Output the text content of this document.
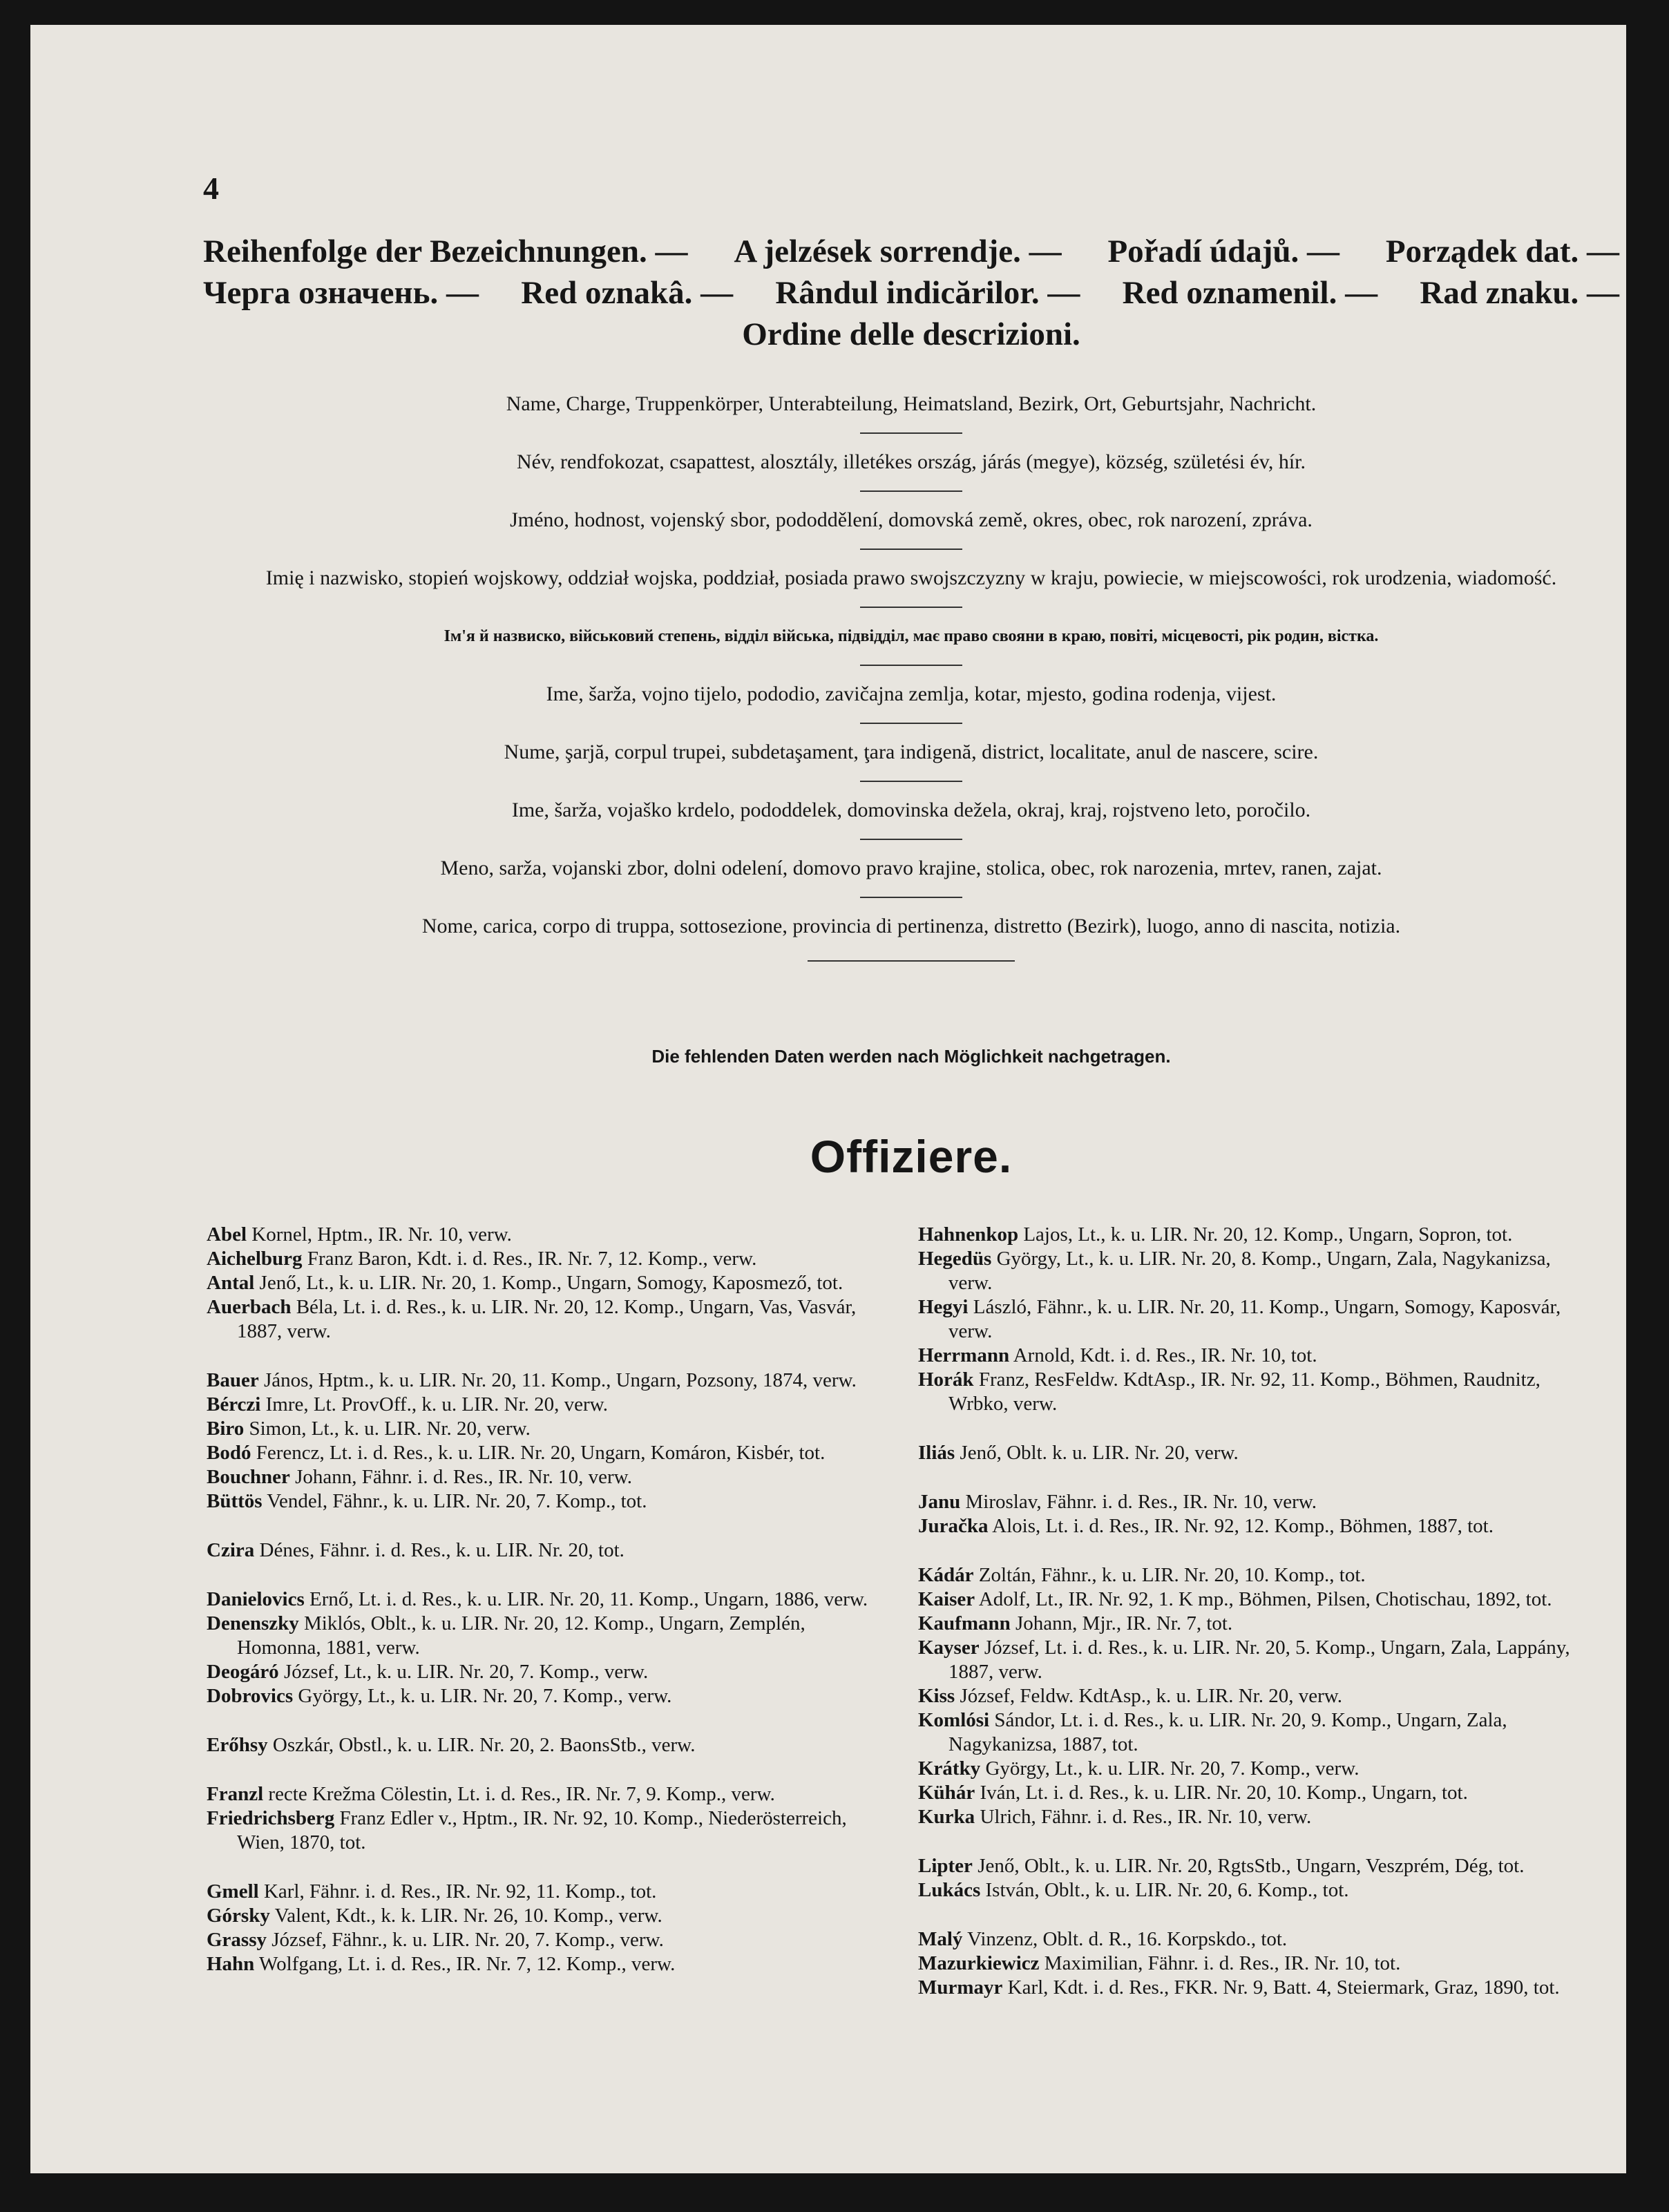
4
Reihenfolge der Bezeichnungen. — A jelzések sorrendje. — Pořadí údajů. — Porządek dat. —
Черга означень. — Red oznakâ. — Rândul indicărilor. — Red oznamenil. — Rad znaku. —
Ordine delle descrizioni.
Name, Charge, Truppenkörper, Unterabteilung, Heimatsland, Bezirk, Ort, Geburtsjahr, Nachricht.
Név, rendfokozat, csapattest, alosztály, illetékes ország, járás (megye), község, születési év, hír.
Jméno, hodnost, vojenský sbor, pododdělení, domovská země, okres, obec, rok narození, zpráva.
Imię i nazwisko, stopień wojskowy, oddział wojska, poddział, posiada prawo swojszczyzny w kraju, powiecie, w miejscowości, rok urodzenia, wiadomość.
Ім'я й назвиско, військовий степень, відділ війська, підвідділ, має право свояни в краю, повіті, місцевості, рік родин, вістка.
Ime, šarža, vojno tijelo, pododio, zavičajna zemlja, kotar, mjesto, godina rodenja, vijest.
Nume, şarjă, corpul trupei, subdetaşament, ţara indigenă, district, localitate, anul de nascere, scire.
Ime, šarža, vojaško krdelo, pododdelek, domovinska dežela, okraj, kraj, rojstveno leto, poročilo.
Meno, sarža, vojanski zbor, dolni odelení, domovo pravo krajine, stolica, obec, rok narozenia, mrtev, ranen, zajat.
Nome, carica, corpo di truppa, sottosezione, provincia di pertinenza, distretto (Bezirk), luogo, anno di nascita, notizia.
Die fehlenden Daten werden nach Möglichkeit nachgetragen.
Offiziere.

Abel Kornel, Hptm., IR. Nr. 10, verw.

Aichelburg Franz Baron, Kdt. i. d. Res., IR. Nr. 7, 12. Komp., verw.

Antal Jenő, Lt., k. u. LIR. Nr. 20, 1. Komp., Ungarn, Somogy, Kaposmező, tot.

Auerbach Béla, Lt. i. d. Res., k. u. LIR. Nr. 20, 12. Komp., Ungarn, Vas, Vasvár, 1887, verw.

Bauer János, Hptm., k. u. LIR. Nr. 20, 11. Komp., Ungarn, Pozsony, 1874, verw.

Bérczi Imre, Lt. ProvOff., k. u. LIR. Nr. 20, verw.

Biro Simon, Lt., k. u. LIR. Nr. 20, verw.

Bodó Ferencz, Lt. i. d. Res., k. u. LIR. Nr. 20, Ungarn, Komáron, Kisbér, tot.

Bouchner Johann, Fähnr. i. d. Res., IR. Nr. 10, verw.

Büttös Vendel, Fähnr., k. u. LIR. Nr. 20, 7. Komp., tot.

Czira Dénes, Fähnr. i. d. Res., k. u. LIR. Nr. 20, tot.

Danielovics Ernő, Lt. i. d. Res., k. u. LIR. Nr. 20, 11. Komp., Ungarn, 1886, verw.

Denenszky Miklós, Oblt., k. u. LIR. Nr. 20, 12. Komp., Ungarn, Zemplén, Homonna, 1881, verw.

Deogáró József, Lt., k. u. LIR. Nr. 20, 7. Komp., verw.

Dobrovics György, Lt., k. u. LIR. Nr. 20, 7. Komp., verw.

Erőhsy Oszkár, Obstl., k. u. LIR. Nr. 20, 2. BaonsStb., verw.

Franzl recte Krežma Cölestin, Lt. i. d. Res., IR. Nr. 7, 9. Komp., verw.

Friedrichsberg Franz Edler v., Hptm., IR. Nr. 92, 10. Komp., Niederösterreich, Wien, 1870, tot.

Gmell Karl, Fähnr. i. d. Res., IR. Nr. 92, 11. Komp., tot.

Górsky Valent, Kdt., k. k. LIR. Nr. 26, 10. Komp., verw.

Grassy József, Fähnr., k. u. LIR. Nr. 20, 7. Komp., verw.

Hahn Wolfgang, Lt. i. d. Res., IR. Nr. 7, 12. Komp., verw.

Hahnenkop Lajos, Lt., k. u. LIR. Nr. 20, 12. Komp., Ungarn, Sopron, tot.

Hegedüs György, Lt., k. u. LIR. Nr. 20, 8. Komp., Ungarn, Zala, Nagykanizsa, verw.

Hegyi László, Fähnr., k. u. LIR. Nr. 20, 11. Komp., Ungarn, Somogy, Kaposvár, verw.

Herrmann Arnold, Kdt. i. d. Res., IR. Nr. 10, tot.

Horák Franz, ResFeldw. KdtAsp., IR. Nr. 92, 11. Komp., Böhmen, Raudnitz, Wrbko, verw.

Iliás Jenő, Oblt. k. u. LIR. Nr. 20, verw.

Janu Miroslav, Fähnr. i. d. Res., IR. Nr. 10, verw.

Juračka Alois, Lt. i. d. Res., IR. Nr. 92, 12. Komp., Böhmen, 1887, tot.

Kádár Zoltán, Fähnr., k. u. LIR. Nr. 20, 10. Komp., tot.

Kaiser Adolf, Lt., IR. Nr. 92, 1. K mp., Böhmen, Pilsen, Chotischau, 1892, tot.

Kaufmann Johann, Mjr., IR. Nr. 7, tot.

Kayser József, Lt. i. d. Res., k. u. LIR. Nr. 20, 5. Komp., Ungarn, Zala, Lappány, 1887, verw.

Kiss József, Feldw. KdtAsp., k. u. LIR. Nr. 20, verw.

Komlósi Sándor, Lt. i. d. Res., k. u. LIR. Nr. 20, 9. Komp., Ungarn, Zala, Nagykanizsa, 1887, tot.

Krátky György, Lt., k. u. LIR. Nr. 20, 7. Komp., verw.

Kühár Iván, Lt. i. d. Res., k. u. LIR. Nr. 20, 10. Komp., Ungarn, tot.

Kurka Ulrich, Fähnr. i. d. Res., IR. Nr. 10, verw.

Lipter Jenő, Oblt., k. u. LIR. Nr. 20, RgtsStb., Ungarn, Veszprém, Dég, tot.

Lukács István, Oblt., k. u. LIR. Nr. 20, 6. Komp., tot.

Malý Vinzenz, Oblt. d. R., 16. Korpskdo., tot.

Mazurkiewicz Maximilian, Fähnr. i. d. Res., IR. Nr. 10, tot.

Murmayr Karl, Kdt. i. d. Res., FKR. Nr. 9, Batt. 4, Steiermark, Graz, 1890, tot.
